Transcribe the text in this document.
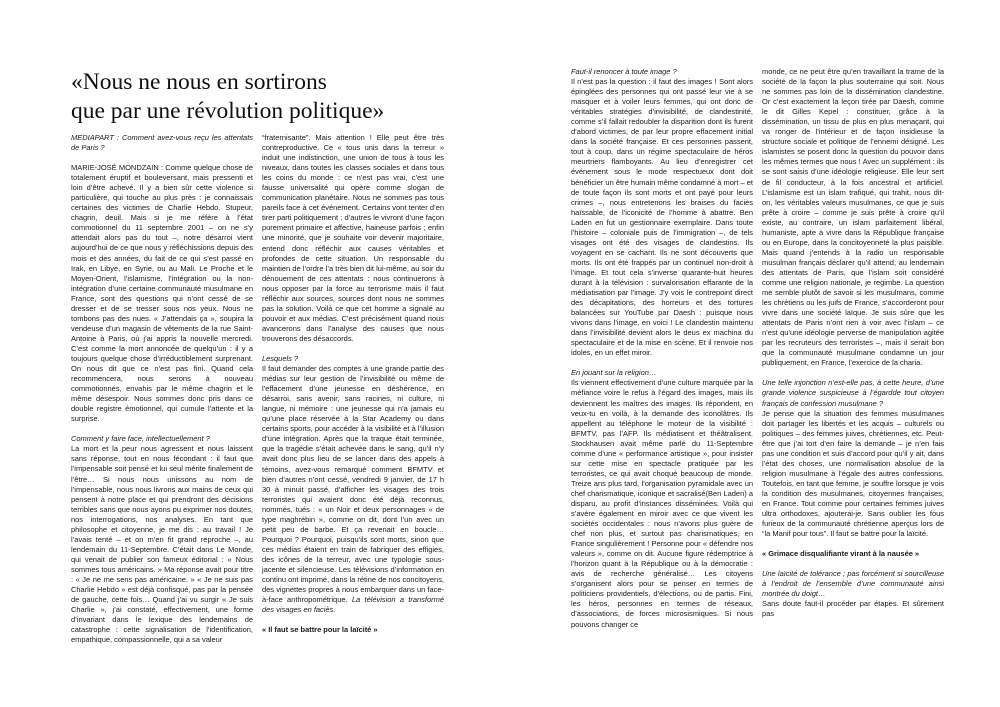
«Nous ne nous en sortirons
que par une révolution politique»

MEDIAPART : Comment avez-vous reçu les attentats de Paris ?

MARIE-JOSÉ MONDZAIN : Comme quelque chose de totalement éruptif et bouleversant, mais pressenti et loin d’être achevé. Il y a bien sûr cette violence si particulière, qui touche au plus près : je connaissais certaines des victimes de Charlie Hebdo. Stupeur, chagrin, deuil. Mais si je me réfère à l’état commotionnel du 11 septembre 2001 – on ne s’y attendait alors pas du tout –, notre désarroi vient aujourd’hui de ce que nous y réfléchissions depuis des mois et des années, du fait de ce qui s’est passé en Irak, en Libye, en Syrie, ou au Mali. Le Proche et le Moyen-Orient, l’islamisme, l’intégration ou la non-intégration d’une certaine communauté musulmane en France, sont des questions qui n’ont cessé de se dresser et de se tresser sous nos yeux. Nous ne tombons pas des nues. « J’attendais ça », soupira la vendeuse d’un magasin de vêtements de la rue Saint-Antoine à Paris, où j’ai appris la nouvelle mercredi. C’est comme la mort annoncée de quelqu’un : il y a toujours quelque chose d’irréductiblement surprenant. On nous dit que ce n’est pas fini. Quand cela recommencera, nous serons à nouveau commotionnés, envahis par le même chagrin et le même désespoir. Nous sommes donc pris dans ce double registre émotionnel, qui cumule l’attente et la surprise.

Comment y faire face, intellectuellement ?

La mort et la peur nous agressent et nous laissent sans réponse, tout en nous fécondant : il faut que l’impensable soit pensé et lui seul mérite finalement de l’être… Si nous nous unissons au nom de l’impensable, nous nous livrons aux mains de ceux qui pensent à notre place et qui prendront des décisions terribles sans que nous ayons pu exprimer nos doutes, nos interrogations, nos analyses. En tant que philosophe et citoyenne, je me dis : au travail ! Je l’avais tenté – et on m’en fit grand reproche –, au lendemain du 11-Septembre. C’était dans Le Monde, qui venait de publier son fameux éditorial : « Nous sommes tous américains. » Ma réponse avait pour titre : « Je ne me sens pas américaine. » « Je ne suis pas Charlie Hebdo » est déjà confisqué, pas par la pensée de gauche, cette fois… Quand j’ai vu surgir « Je suis Charlie », j’ai constaté, effectivement, une forme d’invariant dans le lexique des lendemains de catastrophe : cette signalisation de l’identification, empathique, compassionnelle, qui a sa valeur

“fraternisante”. Mais attention ! Elle peut être très contreproductive. Ce « tous unis dans la terreur » induit une indistinction, une union de tous à tous les niveaux, dans toutes les classes sociales et dans tous les coins du monde : ce n’est pas vrai, c’est une fausse universalité qui opère comme slogan de communication planétaire. Nous ne sommes pas tous pareils face à cet événement. Certains vont tenter d’en tirer parti politiquement ; d’autres le vivront d’une façon purement primaire et affective, haineuse parfois ; enfin une minorité, que je souhaite voir devenir majoritaire, entend donc réfléchir aux causes véritables et profondes de cette situation. Un responsable du maintien de l’ordre l’a très bien dit lui-même, au soir du dénouement de ces attentats : nous continuerons à nous opposer par la force au terrorisme mais il faut réfléchir aux sources, sources dont nous ne sommes pas la solution. Voilà ce que cet homme a signalé au pouvoir et aux médias. C’est précisément quand nous avancerons dans l’analyse des causes que nous trouverons des désaccords.

Lesquels ?

Il faut demander des comptes à une grande partie des médias sur leur gestion de l’invisibilité ou même de l’effacement d’une jeunesse en déshérence, en désarroi, sans avenir, sans racines, ni culture, ni langue, ni mémoire : une jeunesse qui n’a jamais eu qu’une place réservée à la Star Academy ou dans certains sports, pour accéder à la visibilité et à l’illusion d’une intégration. Après que la traque était terminée, que la tragédie s’était achevée dans le sang, qu’il n’y avait donc plus lieu de se lancer dans des appels à témoins, avez-vous remarqué comment BFMTV et bien d’autres n’ont cessé, vendredi 9 janvier, de 17 h 30 à minuit passé, d’afficher les visages des trois terroristes qui avaient donc été déjà reconnus, nommés, tués : « un Noir et deux personnages « de type maghrébin », comme on dit, dont l’un avec un petit peu de barbe. Et ça revenait en boucle… Pourquoi ? Pourquoi, puisqu’ils sont morts, sinon que ces médias étaient en train de fabriquer des effigies, des icônes de la terreur, avec une typologie sous-jacente et silencieuse. Les télévisions d’information en continu ont imprimé, dans la rétine de nos concitoyens, des vignettes propres à nous embarquer dans un face-à-face anthropométrique. La télévision a transformé des visages en faciès.

« Il faut se battre pour la laïcité »

Faut-il renoncer à toute image ?

Il n’est pas la question : il faut des images ! Sont alors épinglées des personnes qui ont passé leur vie à se masquer et à voiler leurs femmes, qui ont donc de véritables stratégies d’invisibilité, de clandestinité, comme s’il fallait redoubler la disparition dont ils furent d’abord victimes, de par leur propre effacement initial dans la société française. Et ces personnes passent, tout à coup, dans un régime spectaculaire de héros meurtriers flamboyants. Au lieu d’enregistrer cet événement sous le mode respectueux dont doit bénéficier un être humain même condamné à mort – et de toute façon ils sont morts et ont payé pour leurs crimes –, nous entretenons les braises du faciès haïssable, de l’iconicité de l’homme à abattre. Ben Laden en fut un gestionnaire exemplaire. Dans toute l’histoire – coloniale puis de l’immigration –, de tels visages ont été des visages de clandestins. Ils voyagent en se cachant. Ils ne sont découverts que morts. Ils ont été frappés par un continuel non-droit à l’image. Et tout cela s’inverse quarante-huit heures durant à la télévision : survalorisation effarante de la médiatisation par l’image. J’y vois le contrepoint direct des décapitations, des horreurs et des tortures balancées sur YouTube par Daesh : puisque nous vivons dans l’image, en voici ! Le clandestin maintenu dans l’invisibilité devient alors le deus ex machina du spectaculaire et de la mise en scène. Et il renvoie nos idoles, en un effet miroir.

En jouant sur la religion…

Ils viennent effectivement d’une culture marquée par la méfiance voire le refus à l’égard des images, mais ils deviennent les maîtres des images. Ils répondent, en veux-tu en voilà, à la demande des iconolâtres. Ils appellent au téléphone le moteur de la visibilité : BFMTV, pas l’AFP. Ils médiatisent et théâtralisent. Stockhausen avait même parlé du 11-Septembre comme d’une « performance artistique », pour insister sur cette mise en spectacle pratiquée par les terroristes, ce qui avait choqué beaucoup de monde. Treize ans plus tard, l’organisation pyramidale avec un chef charismatique, iconique et sacralisé(Ben Laden) a disparu, au profit d’instances disséminées. Voilà qui s’avère également en miroir avec ce que vivent les sociétés occidentales : nous n’avons plus guère de chef non plus, et surtout pas charismatiques, en France singulièrement ! Personne pour « défendre nos valeurs », comme on dit. Aucune figure rédemptrice à l’horizon quant à la République ou à la démocratie : avis de recherche généralisé… Les citoyens s’organisent alors pour se penser en termes de politiciens providentiels, d’élections, ou de partis. Fini, les héros, personnes en termes de réseaux, d’associations, de forces microsismiques. Si nous pouvons changer ce

monde, ce ne peut être qu’en travaillant la trame de la société de la façon la plus souterraine qui soit. Nous ne sommes pas loin de la dissémination clandestine. Or c’est exactement la leçon tirée par Daesh, comme le dit Gilles Kepel : constituer, grâce à la dissémination, un tissu de plus en plus menaçant, qui va ronger de l’intérieur et de façon insidieuse la structure sociale et politique de l’ennemi désigné. Les islamistes se posent donc la question du pouvoir dans les mêmes termes que nous ! Avec un supplément : ils se sont saisis d’une idéologie religieuse. Elle leur sert de fil conducteur, à la fois ancestral et artificiel. L’islamisme est un islam trafiqué, qui trahit, nous dit-on, les véritables valeurs musulmanes, ce que je suis prête à croire – comme je suis prête à croire qu’il existe, au contraire, un islam parfaitement libéral, humaniste, apte à vivre dans la République française ou en Europe, dans la concitoyenneté la plus paisible. Mais quand j’entends à la radio un responsable musulman français déclarer qu’il attend, au lendemain des attentats de Paris, que l’islam soit considéré comme une religion nationale, je regimbe. La question me semble plutôt de savoir si les musulmans, comme les chrétiens ou les juifs de France, s’accorderont pour vivre dans une société laïque. Je suis sûre que les attentats de Paris n’ont rien à voir avec l’islam – ce n’est qu’une idéologie perverse de manipulation agitée par les recruteurs des terroristes –, mais il serait bon que la communauté musulmane condamne un jour publiquement, en France, l’exercice de la charia.

Une telle injonction n’est-elle pas, à cette heure, d’une grande violence suspicieuse à l’égardde tout citoyen français de confession musulmane ?

Je pense que la situation des femmes musulmanes doit partager les libertés et les acquis – culturels ou politiques – des femmes juives, chrétiennes, etc. Peut-être que j’ai tort d’en faire la demande – je n’en fais pas une condition et suis d’accord pour qu’il y ait, dans l’état des choses, une normalisation absolue de la religion musulmane à l’égale des autres confessions. Toutefois, en tant que femme, je souffre lorsque je vois la condition des musulmanes, citoyennes françaises, en France. Tout comme pour certaines femmes juives ultra orthodoxes, ajouterai-je. Sans oublier les fous furieux de la communauté chrétienne aperçus lors de “la Manif pour tous”. Il faut se battre pour la laïcité.

« Grimace disqualifiante virant à la nausée »

Une laïcité de tolérance ; pas forcément si sourcilleuse à l’endroit de l’ensemble d’une communauté ainsi montrée du doigt…

Sans doute faut-il procéder par étapes. Et sûrement pas
